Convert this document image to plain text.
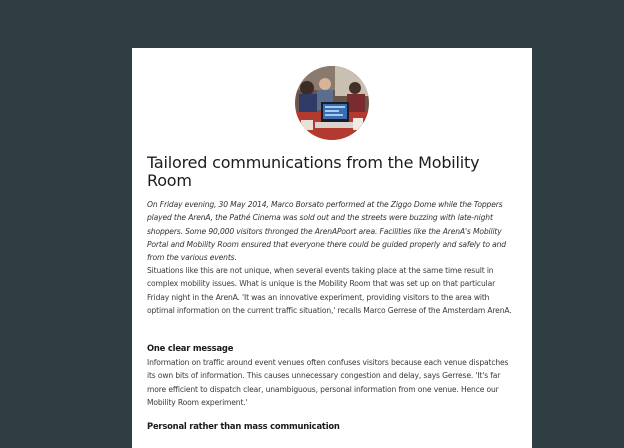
Tailored communications from the Mobility Room

On Friday evening, 30 May 2014, Marco Borsato performed at the Ziggo Dome while the Toppers played the ArenA, the Pathé Cinema was sold out and the streets were buzzing with late-night shoppers. Some 90,000 visitors thronged the ArenAPoort area. Facilities like the ArenA's Mobility Portal and Mobility Room ensured that everyone there could be guided properly and safely to and from the various events.

Situations like this are not unique, when several events taking place at the same time result in complex mobility issues. What is unique is the Mobility Room that was set up on that particular Friday night in the ArenA. 'It was an innovative experiment, providing visitors to the area with optimal information on the current traffic situation,' recalls Marco Gerrese of the Amsterdam ArenA.

One clear message

Information on traffic around event venues often confuses visitors because each venue dispatches its own bits of information. This causes unnecessary congestion and delay, says Gerrese. 'It's far more efficient to dispatch clear, unambiguous, personal information from one venue. Hence our Mobility Room experiment.'

Personal rather than mass communication
